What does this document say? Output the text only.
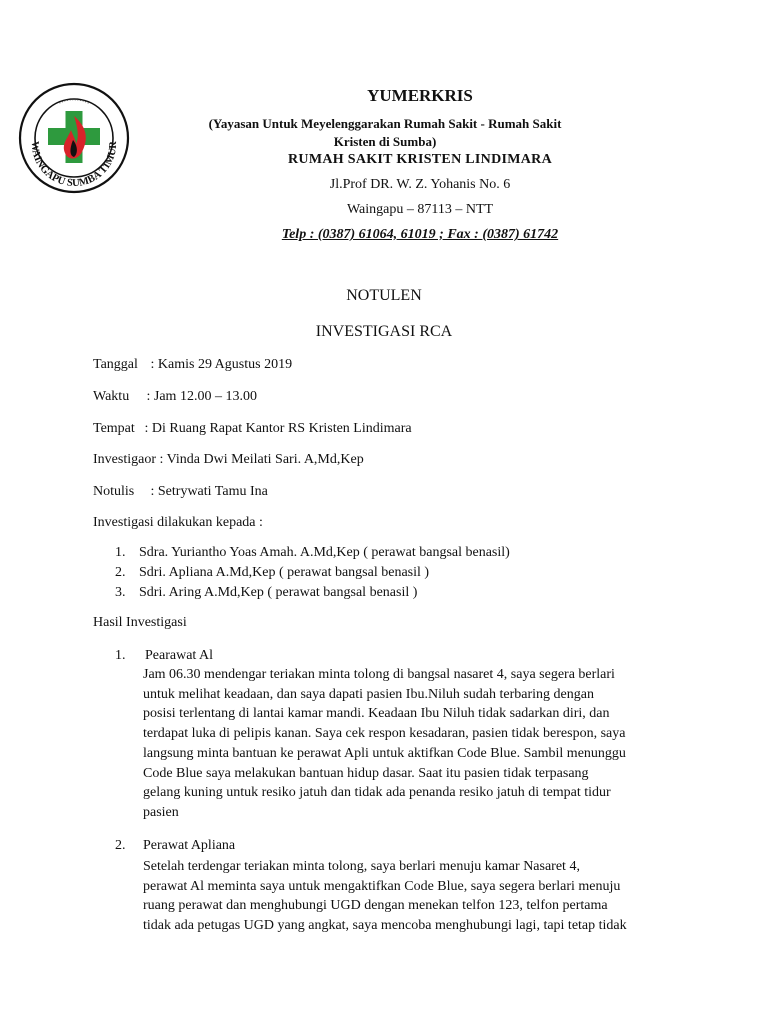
WAINGAPU SUMBA TIMUR
• • • • • • • • • • • •	YUMERKRIS
(Yayasan Untuk Meyelenggarakan Rumah Sakit - Rumah Sakit Kristen di Sumba)
RUMAH SAKIT KRISTEN LINDIMARA
Jl.Prof DR. W. Z. Yohanis No. 6
Waingapu – 87113 – NTT
Telp : (0387) 61064, 61019 ; Fax : (0387) 61742
NOTULEN
INVESTIGASI RCA
Tanggal : Kamis 29 Agustus 2019
Waktu : Jam 12.00 – 13.00
Tempat : Di Ruang Rapat Kantor RS Kristen Lindimara
Investigaor : Vinda Dwi Meilati Sari. A,Md,Kep
Notulis : Setrywati Tamu Ina
Investigasi dilakukan kepada :
1. Sdra. Yuriantho Yoas Amah. A.Md,Kep ( perawat bangsal benasil)
2. Sdri. Apliana A.Md,Kep ( perawat bangsal benasil )
3. Sdri. Aring A.Md,Kep ( perawat bangsal benasil )
Hasil Investigasi
1. Pearawat Al
Jam 06.30 mendengar teriakan minta tolong di bangsal nasaret 4, saya segera berlari
untuk melihat keadaan, dan saya dapati pasien Ibu.Niluh sudah terbaring dengan
posisi terlentang di lantai kamar mandi. Keadaan Ibu Niluh tidak sadarkan diri, dan
terdapat luka di pelipis kanan. Saya cek respon kesadaran, pasien tidak berespon, saya
langsung minta bantuan ke perawat Apli untuk aktifkan Code Blue. Sambil menunggu
Code Blue saya melakukan bantuan hidup dasar. Saat itu pasien tidak terpasang
gelang kuning untuk resiko jatuh dan tidak ada penanda resiko jatuh di tempat tidur
pasien
2. Perawat Apliana
Setelah terdengar teriakan minta tolong, saya berlari menuju kamar Nasaret 4,
perawat Al meminta saya untuk mengaktifkan Code Blue, saya segera berlari menuju
ruang perawat dan menghubungi UGD dengan menekan telfon 123, telfon pertama
tidak ada petugas UGD yang angkat, saya mencoba menghubungi lagi, tapi tetap tidak
